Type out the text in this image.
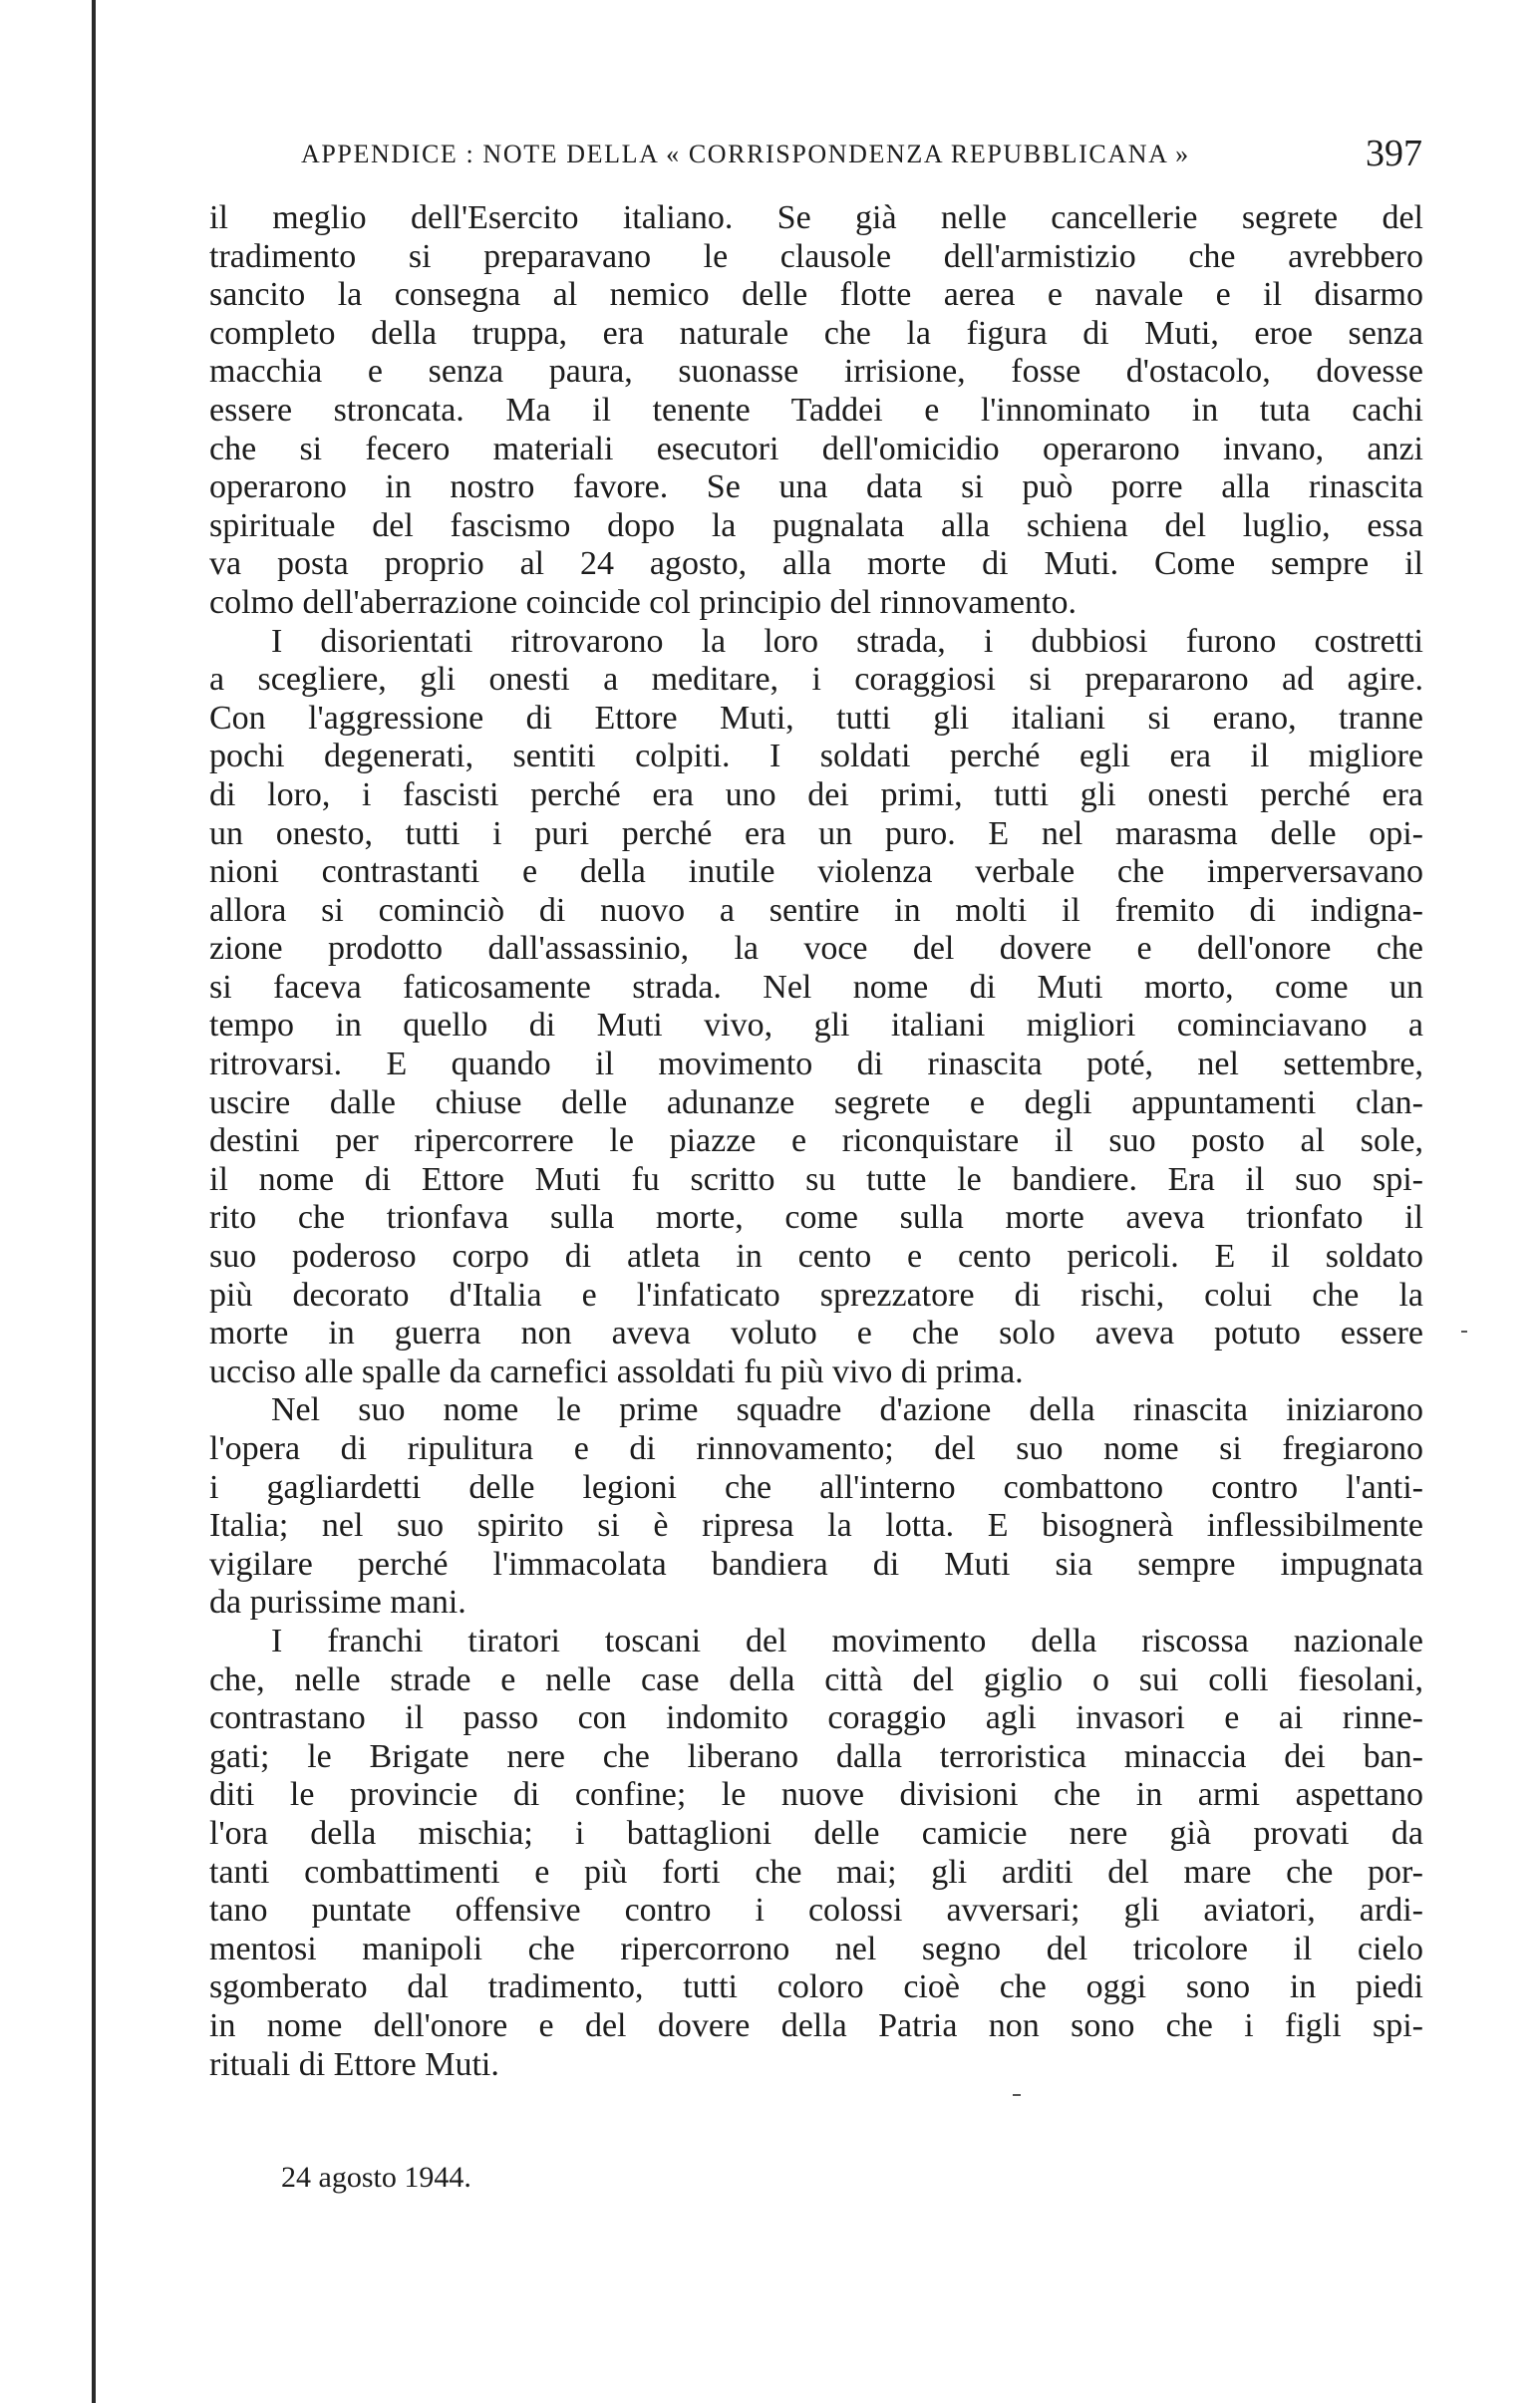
APPENDICE : NOTE DELLA « CORRISPONDENZA REPUBBLICANA »	397
il meglio dell'Esercito italiano. Se già nelle cancellerie segrete del
tradimento si preparavano le clausole dell'armistizio che avrebbero
sancito la consegna al nemico delle flotte aerea e navale e il disarmo
completo della truppa, era naturale che la figura di Muti, eroe senza
macchia e senza paura, suonasse irrisione, fosse d'ostacolo, dovesse
essere stroncata. Ma il tenente Taddei e l'innominato in tuta cachi
che si fecero materiali esecutori dell'omicidio operarono invano, anzi
operarono in nostro favore. Se una data si può porre alla rinascita
spirituale del fascismo dopo la pugnalata alla schiena del luglio, essa
va posta proprio al 24 agosto, alla morte di Muti. Come sempre il
colmo dell'aberrazione coincide col principio del rinnovamento.
I disorientati ritrovarono la loro strada, i dubbiosi furono costretti
a scegliere, gli onesti a meditare, i coraggiosi si prepararono ad agire.
Con l'aggressione di Ettore Muti, tutti gli italiani si erano, tranne
pochi degenerati, sentiti colpiti. I soldati perché egli era il migliore
di loro, i fascisti perché era uno dei primi, tutti gli onesti perché era
un onesto, tutti i puri perché era un puro. E nel marasma delle opi-
nioni contrastanti e della inutile violenza verbale che imperversavano
allora si cominciò di nuovo a sentire in molti il fremito di indigna-
zione prodotto dall'assassinio, la voce del dovere e dell'onore che
si faceva faticosamente strada. Nel nome di Muti morto, come un
tempo in quello di Muti vivo, gli italiani migliori cominciavano a
ritrovarsi. E quando il movimento di rinascita poté, nel settembre,
uscire dalle chiuse delle adunanze segrete e degli appuntamenti clan-
destini per ripercorrere le piazze e riconquistare il suo posto al sole,
il nome di Ettore Muti fu scritto su tutte le bandiere. Era il suo spi-
rito che trionfava sulla morte, come sulla morte aveva trionfato il
suo poderoso corpo di atleta in cento e cento pericoli. E il soldato
più decorato d'Italia e l'infaticato sprezzatore di rischi, colui che la
morte in guerra non aveva voluto e che solo aveva potuto essere
ucciso alle spalle da carnefici assoldati fu più vivo di prima.
Nel suo nome le prime squadre d'azione della rinascita iniziarono
l'opera di ripulitura e di rinnovamento; del suo nome si fregiarono
i gagliardetti delle legioni che all'interno combattono contro l'anti-
Italia; nel suo spirito si è ripresa la lotta. E bisognerà inflessibilmente
vigilare perché l'immacolata bandiera di Muti sia sempre impugnata
da purissime mani.
I franchi tiratori toscani del movimento della riscossa nazionale
che, nelle strade e nelle case della città del giglio o sui colli fiesolani,
contrastano il passo con indomito coraggio agli invasori e ai rinne-
gati; le Brigate nere che liberano dalla terroristica minaccia dei ban-
diti le provincie di confine; le nuove divisioni che in armi aspettano
l'ora della mischia; i battaglioni delle camicie nere già provati da
tanti combattimenti e più forti che mai; gli arditi del mare che por-
tano puntate offensive contro i colossi avversari; gli aviatori, ardi-
mentosi manipoli che ripercorrono nel segno del tricolore il cielo
sgomberato dal tradimento, tutti coloro cioè che oggi sono in piedi
in nome dell'onore e del dovere della Patria non sono che i figli spi-
rituali di Ettore Muti.
24 agosto 1944.
